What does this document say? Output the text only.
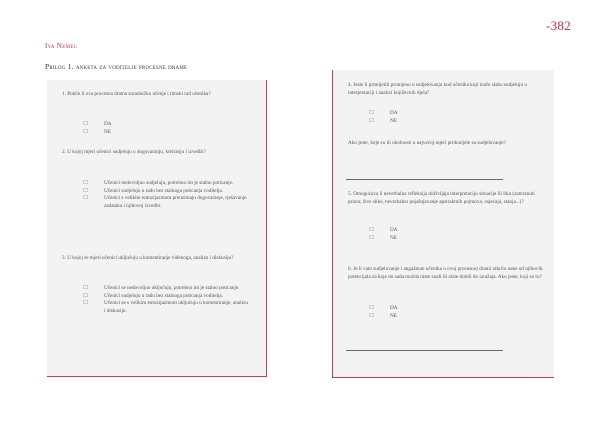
-382
Iva Nemec
Prilog 1. anketa za voditelje procesne drame
1. Potiče li ova procesna drama suradničko učenje i timski rad učenika?
☐	DA
☐	NE
2. U kojoj mjeri učenici sudjeluju u dogovaranju, kreiranju i izvedbi?
☐	Učenici nedovoljno sudjeluju, potrebno im je stalno poticanje.
☐	Učenici sudjeluju u radu bez stalnoga poticanja voditelja.
☐	Učenici s velikim entuzijazmom preuzimaju dogovaranje, rješavanje zadataka i njihovoj izvedbi.
3. U kojoj se mjeri učenici uključuju u komentiranje viđenoga, analizu i diskusiju?
☐	Učenici se nedovoljno uključuju, potrebno im je stalno poticanje.
☐	Učenici sudjeluju u radu bez stalnoga poticanja voditelja.
☐	Učenici se s velikim entuzijazmom uključuju u komentiranje, analizu i diskusiju.
4. Jeste li primijetili promjenu u sudjelovanju kod učenika koji inače slabo sudjeluju u interpretaciji i analizi književnih djela?
☐	DA
☐	NE
Ako jeste, koje su ili okolnosti u najvećoj mjeri pridonijele su sudjelovanje?
5. Omogućava li neverbalna refleksija doživljaja interpretaciju situacije ili lika (zamrznuti prizor, žive slike, neverbalno pojašnjavanje apstraktnih pojmova, osjećaja, stanja...)?
☐	DA
☐	NE
6. Je li vam sudjelovanje i angažman učenika u ovoj procesnoj drami otkrilo neke od njihovih potencijala za koje do sada možda niste znali ili niste dobili do izražaja. Ako jeste, koji su to?
☐	DA
☐	NE
